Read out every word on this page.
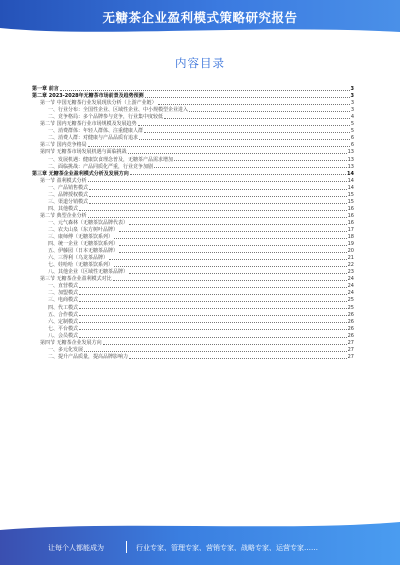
无糖茶企业盈利模式策略研究报告
内容目录
第一章 前言	3
第二章 2023-2028年无糖茶市场前景及趋势预测	3
第一节 中国无糖茶行业发展现状分析（上游产业链）	3
一、行业分布：全国性企业、区域性企业、中小规模型企业进入	3
二、竞争格局：多个品牌参与竞争，行业集中度较低	4
第二节 国内无糖茶行业市场规模及发展趋势	5
一、消费群体：年轻人群体、注重健康人群	5
二、消费人群：对健康与产品品质有追求	6
第三节 国内竞争格局	6
第四节 无糖茶市场发展机遇与面临挑战	13
一、发展机遇：健康饮食理念普及，无糖茶产品需求增加	13
二、面临挑战：产品同质化严重，行业竞争加剧	13
第三章 无糖茶企业盈利模式分析及发展方向	14
第一节 盈利模式分析	14
一、产品销售模式	14
二、品牌授权模式	15
三、渠道分销模式	15
四、其他模式	16
第二节 典型企业分析	16
一、元气森林（无糖茶饮品牌代表）	16
二、农夫山泉（东方树叶品牌）	17
三、康师傅（无糖茶饮系列）	18
四、统一企业（无糖茶饮系列）	19
五、伊藤园（日本无糖茶品牌）	20
六、三得利（乌龙茶品牌）	21
七、娃哈哈（无糖茶饮系列）	22
八、其他企业（区域性无糖茶品牌）	23
第三节 无糖茶企业盈利模式对比	24
一、直营模式	24
二、加盟模式	24
三、电商模式	25
四、代工模式	25
五、合作模式	26
六、定制模式	26
七、平台模式	26
八、会员模式	26
第四节 无糖茶企业发展方向	27
一、多元化发展	27
二、提升产品质量，提高品牌影响力	27
让每个人都能成为	行业专家、管理专家、营销专家、战略专家、运营专家……
